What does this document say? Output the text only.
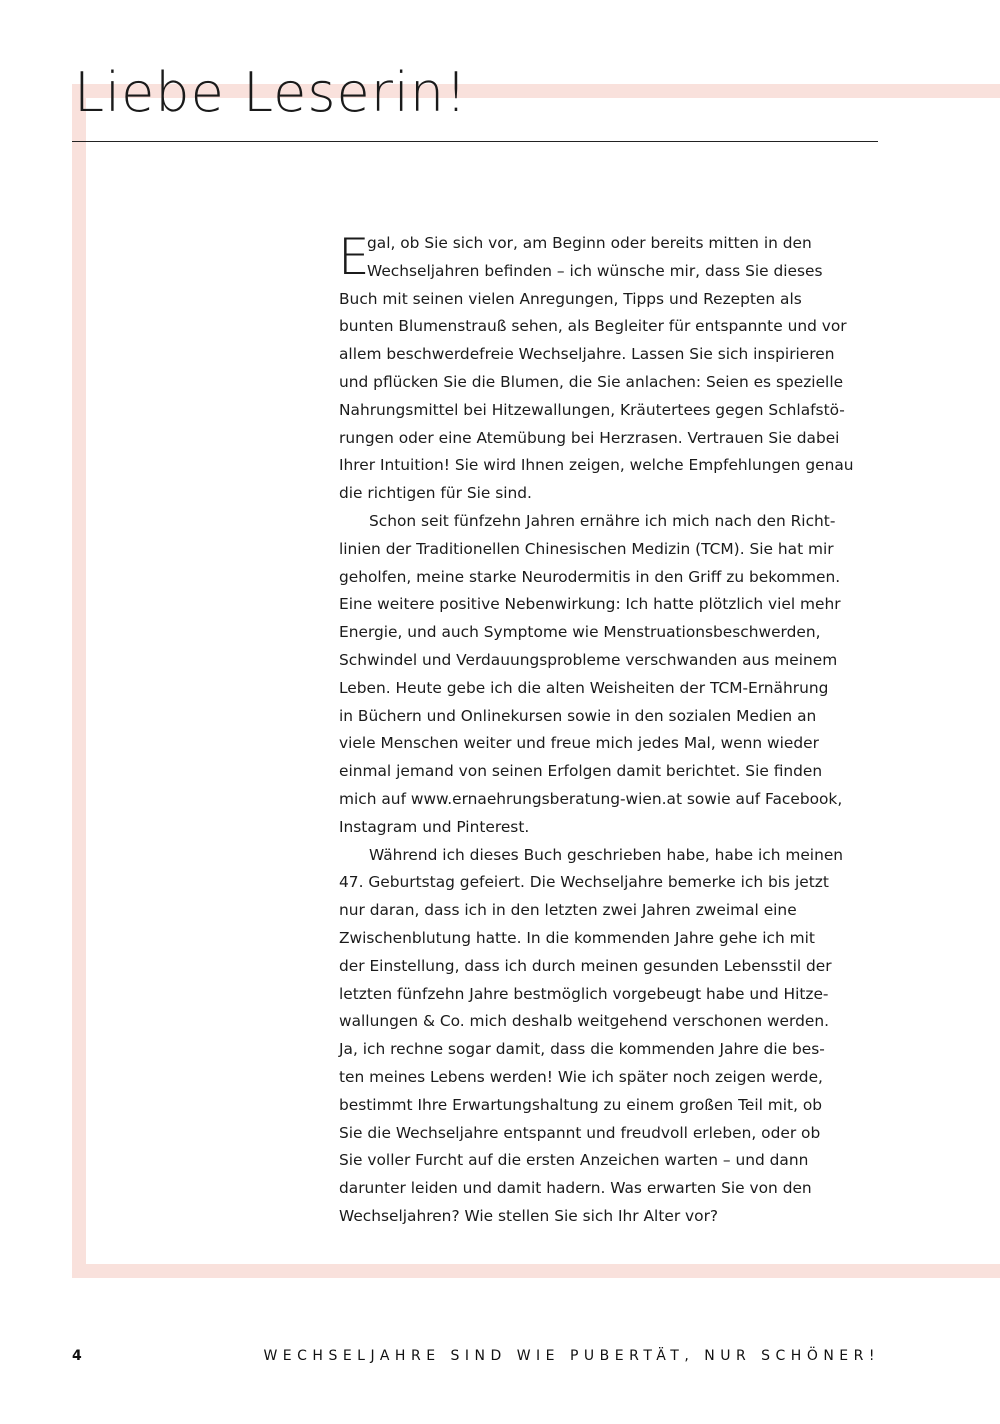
Liebe Leserin!
E
gal, ob Sie sich vor, am Beginn oder bereits mitten in den
Wechseljahren befinden – ich wünsche mir, dass Sie dieses
Buch mit seinen vielen Anregungen, Tipps und Rezepten als
bunten Blumenstrauß sehen, als Begleiter für entspannte und vor
allem beschwerdefreie Wechseljahre. Lassen Sie sich inspirieren
und pflücken Sie die Blumen, die Sie anlachen: Seien es spezielle
Nahrungsmittel bei Hitzewallungen, Kräutertees gegen Schlafstö-
rungen oder eine Atemübung bei Herzrasen. Vertrauen Sie dabei
Ihrer Intuition! Sie wird Ihnen zeigen, welche Empfehlungen genau
die richtigen für Sie sind.
Schon seit fünfzehn Jahren ernähre ich mich nach den Richt-
linien der Traditionellen Chinesischen Medizin (TCM). Sie hat mir
geholfen, meine starke Neurodermitis in den Griff zu bekommen.
Eine weitere positive Nebenwirkung: Ich hatte plötzlich viel mehr
Energie, und auch Symptome wie Menstruationsbeschwerden,
Schwindel und Verdauungsprobleme verschwanden aus meinem
Leben. Heute gebe ich die alten Weisheiten der TCM-Ernährung
in Büchern und Onlinekursen sowie in den sozialen Medien an
viele Menschen weiter und freue mich jedes Mal, wenn wieder
einmal jemand von seinen Erfolgen damit berichtet. Sie finden
mich auf www.ernaehrungsberatung-wien.at sowie auf Facebook,
Instagram und Pinterest.
Während ich dieses Buch geschrieben habe, habe ich meinen
47. Geburtstag gefeiert. Die Wechseljahre bemerke ich bis jetzt
nur daran, dass ich in den letzten zwei Jahren zweimal eine
Zwischenblutung hatte. In die kommenden Jahre gehe ich mit
der Einstellung, dass ich durch meinen gesunden Lebensstil der
letzten fünfzehn Jahre bestmöglich vorgebeugt habe und Hitze-
wallungen & Co. mich deshalb weitgehend verschonen werden.
Ja, ich rechne sogar damit, dass die kommenden Jahre die bes-
ten meines Lebens werden! Wie ich später noch zeigen werde,
bestimmt Ihre Erwartungshaltung zu einem großen Teil mit, ob
Sie die Wechseljahre entspannt und freudvoll erleben, oder ob
Sie voller Furcht auf die ersten Anzeichen warten – und dann
darunter leiden und damit hadern. Was erwarten Sie von den
Wechseljahren? Wie stellen Sie sich Ihr Alter vor?
4	WECHSELJAHRE SIND WIE PUBERTÄT, NUR SCHÖNER!
